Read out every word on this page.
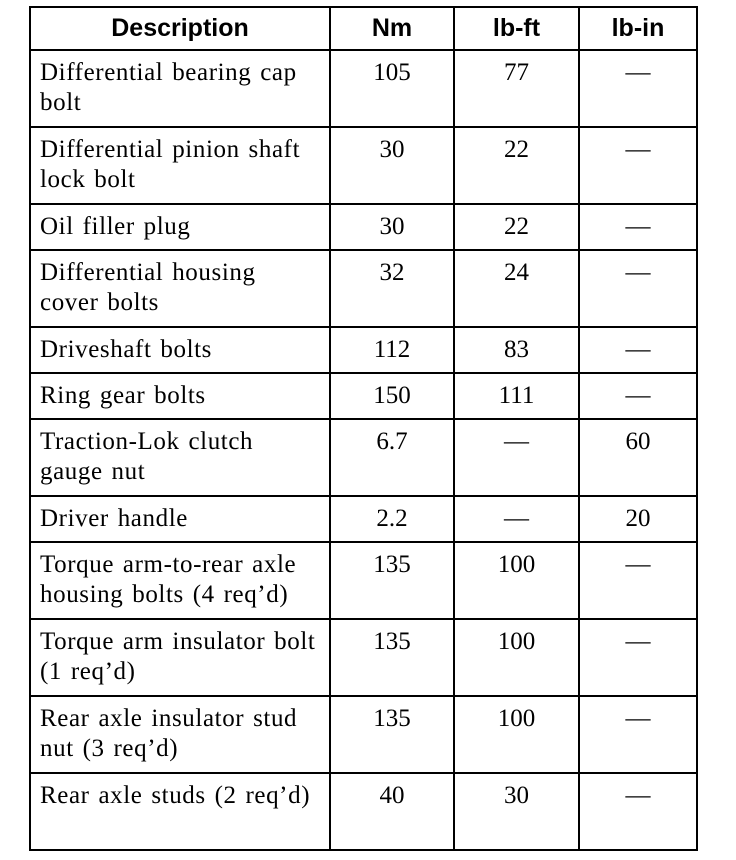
Description	Nm	lb-ft	lb-in
Differential bearing cap bolt	105	77	—
Differential pinion shaft lock bolt	30	22	—
Oil filler plug	30	22	—
Differential housing cover bolts	32	24	—
Driveshaft bolts	112	83	—
Ring gear bolts	150	111	—
Traction-Lok clutch gauge nut	6.7	—	60
Driver handle	2.2	—	20
Torque arm-to-rear axle housing bolts (4 req’d)	135	100	—
Torque arm insulator bolt (1 req’d)	135	100	—
Rear axle insulator stud nut (3 req’d)	135	100	—
Rear axle studs (2 req’d)	40	30	—
